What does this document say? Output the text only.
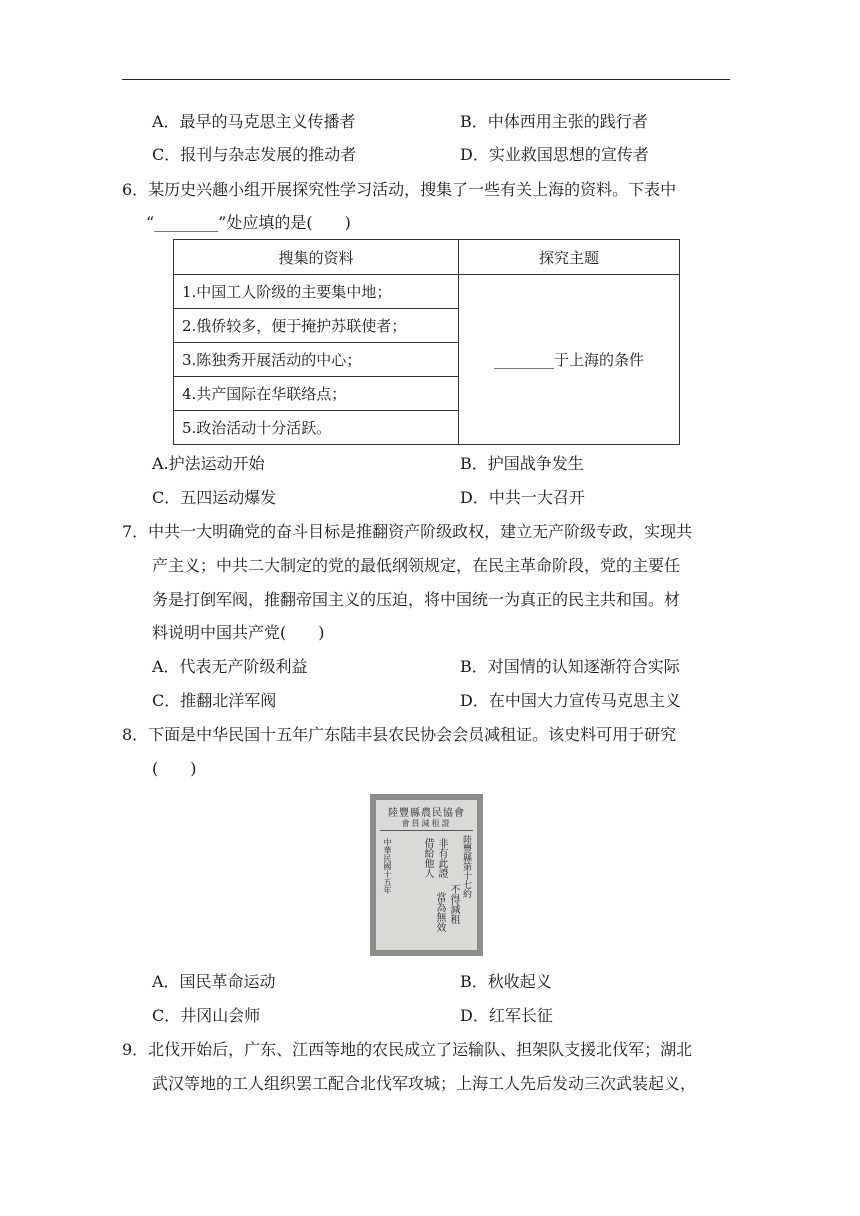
A．最早的马克思主义传播者	B．中体西用主张的践行者
C．报刊与杂志发展的推动者	D．实业救国思想的宣传者
6．某历史兴趣小组开展探究性学习活动，搜集了一些有关上海的资料。下表中
“________”处应填的是(　　)
搜集的资料	探究主题
1.中国工人阶级的主要集中地；	________于上海的条件
2.俄侨较多，便于掩护苏联使者；	
3.陈独秀开展活动的中心；	
4.共产国际在华联络点；	
5.政治活动十分活跃。	
A.护法运动开始	B．护国战争发生
C．五四运动爆发	D．中共一大召开
7．中共一大明确党的奋斗目标是推翻资产阶级政权，建立无产阶级专政，实现共
产主义；中共二大制定的党的最低纲领规定，在民主革命阶段，党的主要任
务是打倒军阀，推翻帝国主义的压迫，将中国统一为真正的民主共和国。材
料说明中国共产党(　　)
A．代表无产阶级利益	B．对国情的认知逐渐符合实际
C．推翻北洋军阀	D．在中国大力宣传马克思主义
8．下面是中华民国十五年广东陆丰县农民协会会员减租证。该史料可用于研究
(　　)
陸豐縣農民協會
會員減租證
陸豐縣第十七約
非有此證
借給他人
不得減租
當為無效
中華民國十五年
A．国民革命运动	B．秋收起义
C．井冈山会师	D．红军长征
9．北伐开始后，广东、江西等地的农民成立了运输队、担架队支援北伐军；湖北
武汉等地的工人组织罢工配合北伐军攻城；上海工人先后发动三次武装起义，
